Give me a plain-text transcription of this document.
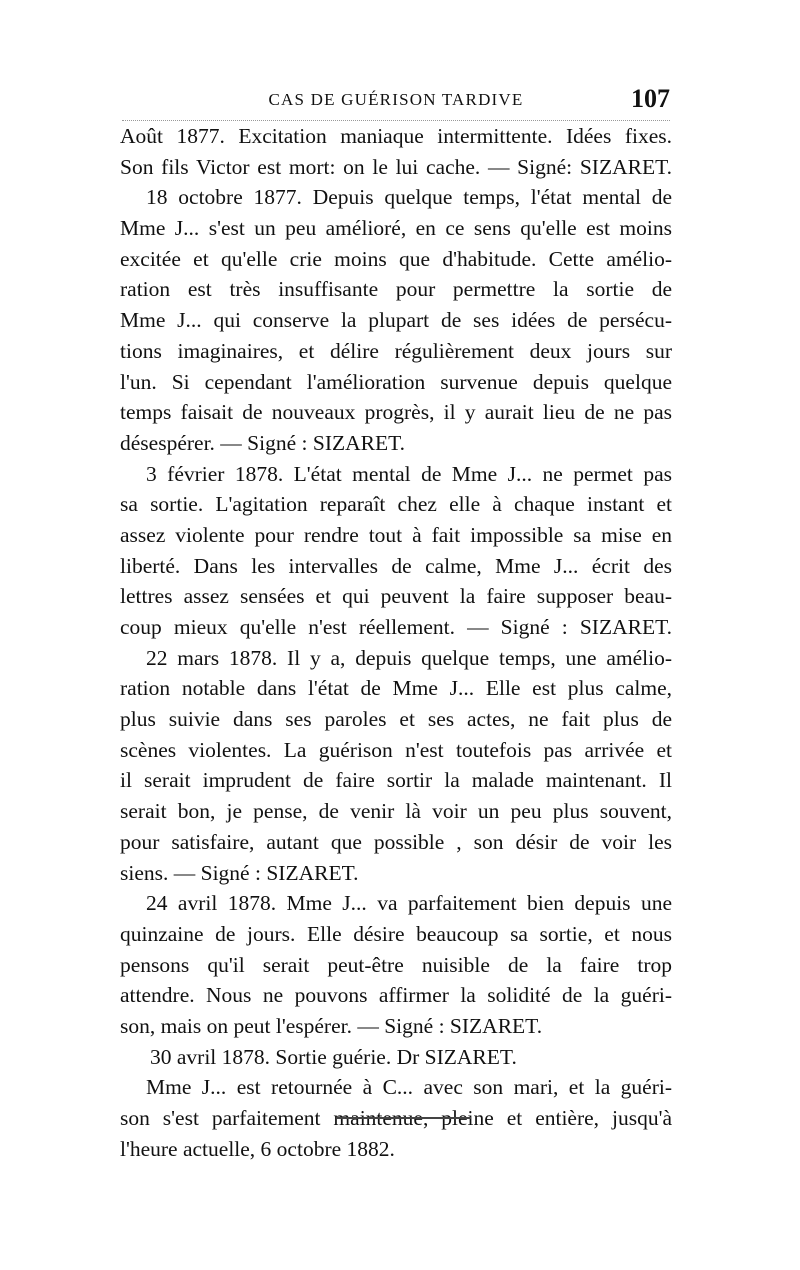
CAS DE GUÉRISON TARDIVE	107
Août 1877. Excitation maniaque intermittente. Idées fixes.
Son fils Victor est mort: on le lui cache. — Signé: SIZARET.
18 octobre 1877. Depuis quelque temps, l'état mental de
Mme J... s'est un peu amélioré, en ce sens qu'elle est moins
excitée et qu'elle crie moins que d'habitude. Cette amélio-
ration est très insuffisante pour permettre la sortie de
Mme J... qui conserve la plupart de ses idées de persécu-
tions imaginaires, et délire régulièrement deux jours sur
l'un. Si cependant l'amélioration survenue depuis quelque
temps faisait de nouveaux progrès, il y aurait lieu de ne pas
désespérer. — Signé : SIZARET.
3 février 1878. L'état mental de Mme J... ne permet pas
sa sortie. L'agitation reparaît chez elle à chaque instant et
assez violente pour rendre tout à fait impossible sa mise en
liberté. Dans les intervalles de calme, Mme J... écrit des
lettres assez sensées et qui peuvent la faire supposer beau-
coup mieux qu'elle n'est réellement. — Signé : SIZARET.
22 mars 1878. Il y a, depuis quelque temps, une amélio-
ration notable dans l'état de Mme J... Elle est plus calme,
plus suivie dans ses paroles et ses actes, ne fait plus de
scènes violentes. La guérison n'est toutefois pas arrivée et
il serait imprudent de faire sortir la malade maintenant. Il
serait bon, je pense, de venir là voir un peu plus souvent,
pour satisfaire, autant que possible , son désir de voir les
siens. — Signé : SIZARET.
24 avril 1878. Mme J... va parfaitement bien depuis une
quinzaine de jours. Elle désire beaucoup sa sortie, et nous
pensons qu'il serait peut-être nuisible de la faire trop
attendre. Nous ne pouvons affirmer la solidité de la guéri-
son, mais on peut l'espérer. — Signé : SIZARET.
30 avril 1878. Sortie guérie. Dr SIZARET.
Mme J... est retournée à C... avec son mari, et la guéri-
son s'est parfaitement maintenue, pleine et entière, jusqu'à
l'heure actuelle, 6 octobre 1882.
